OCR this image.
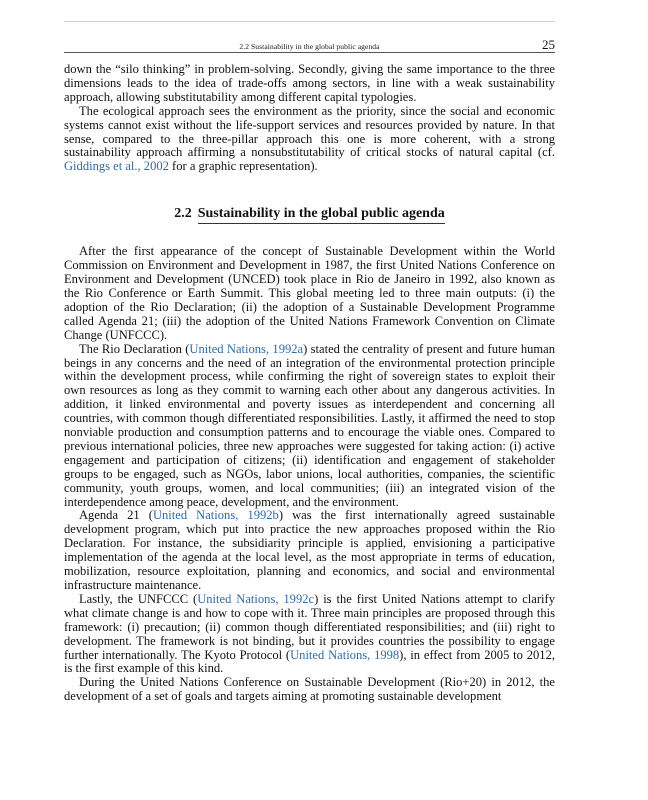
2.2 Sustainability in the global public agenda	25

down the “silo thinking” in problem-solving. Secondly, giving the same importance to the three dimensions leads to the idea of trade-offs among sectors, in line with a weak sustainability approach, allowing substitutability among different capital typologies.

The ecological approach sees the environment as the priority, since the social and economic systems cannot exist without the life-support services and resources provided by nature. In that sense, compared to the three-pillar approach this one is more coherent, with a strong sustainability approach affirming a nonsubstitutability of critical stocks of natural capital (cf. Giddings et al., 2002 for a graphic representation).

2.2 Sustainability in the global public agenda

After the first appearance of the concept of Sustainable Development within the World Commission on Environment and Development in 1987, the first United Nations Conference on Environment and Development (UNCED) took place in Rio de Janeiro in 1992, also known as the Rio Conference or Earth Summit. This global meeting led to three main outputs: (i) the adoption of the Rio Declaration; (ii) the adoption of a Sustainable Development Programme called Agenda 21; (iii) the adoption of the United Nations Framework Convention on Climate Change (UNFCCC).

The Rio Declaration (United Nations, 1992a) stated the centrality of present and future human beings in any concerns and the need of an integration of the environmental protection principle within the development process, while confirming the right of sovereign states to exploit their own resources as long as they commit to warning each other about any dangerous activities. In addition, it linked environmental and poverty issues as interdependent and concerning all countries, with common though differentiated responsibilities. Lastly, it affirmed the need to stop nonviable production and consumption patterns and to encourage the viable ones. Compared to previous international policies, three new approaches were suggested for taking action: (i) active engagement and participation of citizens; (ii) identification and engagement of stakeholder groups to be engaged, such as NGOs, labor unions, local authorities, companies, the scientific community, youth groups, women, and local communities; (iii) an integrated vision of the interdependence among peace, development, and the environment.

Agenda 21 (United Nations, 1992b) was the first internationally agreed sustainable development program, which put into practice the new approaches proposed within the Rio Declaration. For instance, the subsidiarity principle is applied, envisioning a participative implementation of the agenda at the local level, as the most appropriate in terms of education, mobilization, resource exploitation, planning and economics, and social and environmental infrastructure maintenance.

Lastly, the UNFCCC (United Nations, 1992c) is the first United Nations attempt to clarify what climate change is and how to cope with it. Three main principles are proposed through this framework: (i) precaution; (ii) common though differentiated responsibilities; and (iii) right to development. The framework is not binding, but it provides countries the possibility to engage further internationally. The Kyoto Protocol (United Nations, 1998), in effect from 2005 to 2012, is the first example of this kind.

During the United Nations Conference on Sustainable Development (Rio+20) in 2012, the development of a set of goals and targets aiming at promoting sustainable development
